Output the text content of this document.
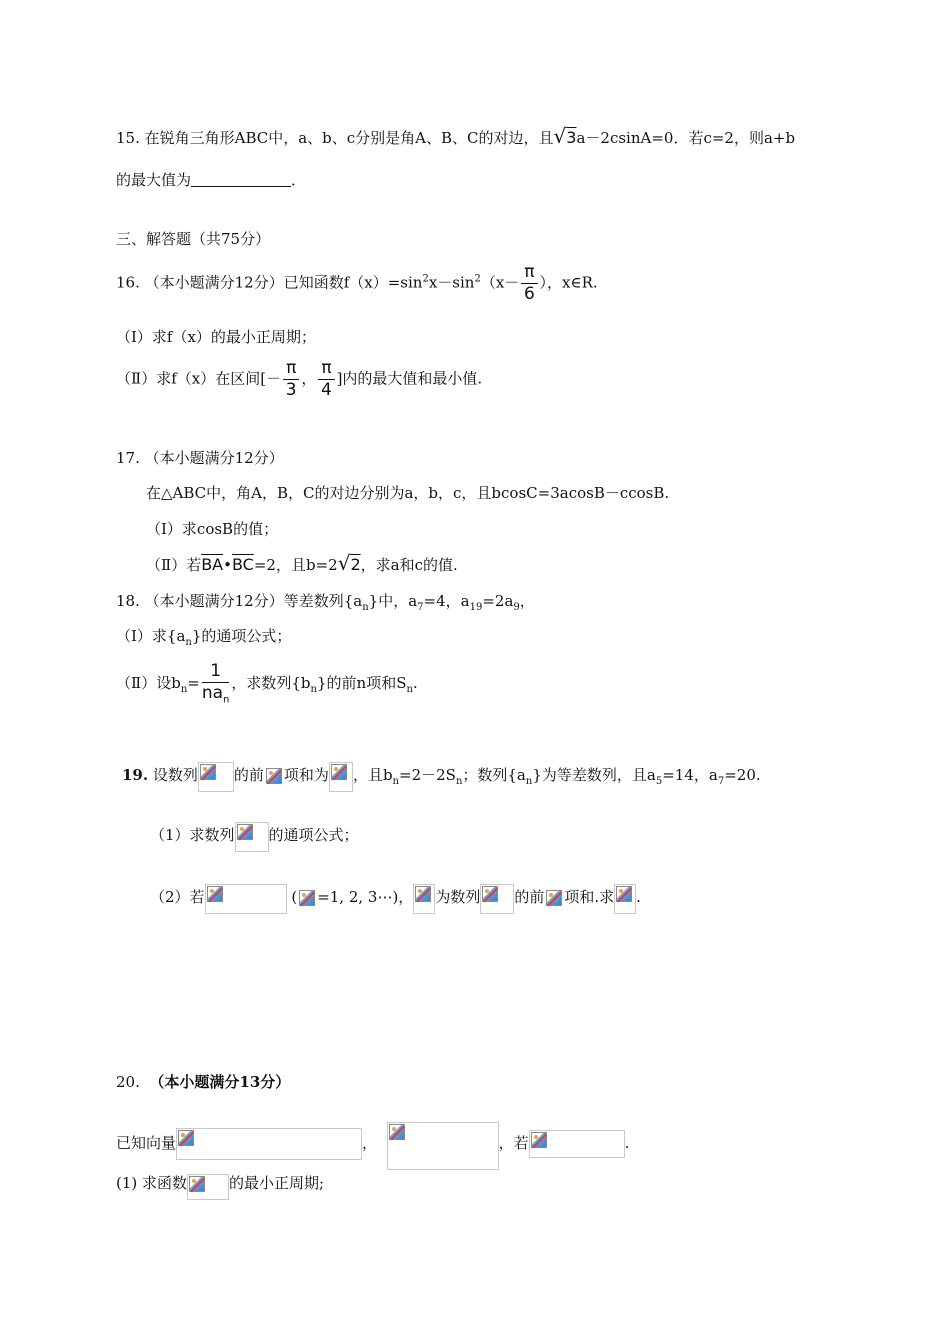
15. 在锐角三角形ABC中，a、b、c分别是角A、B、C的对边，且√3a－2csinA=0．若c=2，则a+b
的最大值为	．
三、解答题（共75分）
16. （本小题满分12分）已知函数$f(x)=\sin^2x-\sin^2(x- \frac{\pi}{6}$ ），x∈R.
（Ⅰ）求f（x）的最小正周期；
（Ⅱ）求f（x）在区间[－ $\frac{\pi}{3}$ ， $\frac{\pi}{4}$ ]内的最大值和最小值.
17. （本小题满分12分）
在△ABC中，角A，B，C的对边分别为a，b，c，且bcosC=3acosB－ccosB.
（Ⅰ）求cosB的值；
（Ⅱ）若$\overline{BA}•\overline{BC}=2$，且b=2√2，求a和c的值.
18. （本小题满分12分）等差数列$\{a_n\}$中，$a_7=4$，$a_{19}=2a_9$，
（Ⅰ）求$\{a_n\}$的通项公式；
（Ⅱ）设$b_n= \frac{1}{na_n}$ ，求数列$\{b_n\}$的前n项和$S_n$.
19. 设数列 的前 项和为 ，且$b_n=2-2S_n$；数列$\{a_n\}$为等差数列，且$a_5=14$，$a_7=20$.
（1）求数列 的通项公式；
（2）若	( =1, 2, 3⋯)， 为数列 的前 项和.求 .
20. （本小题满分13分）
已知向量	，	，若	.
(1) 求函数	的最小正周期;
